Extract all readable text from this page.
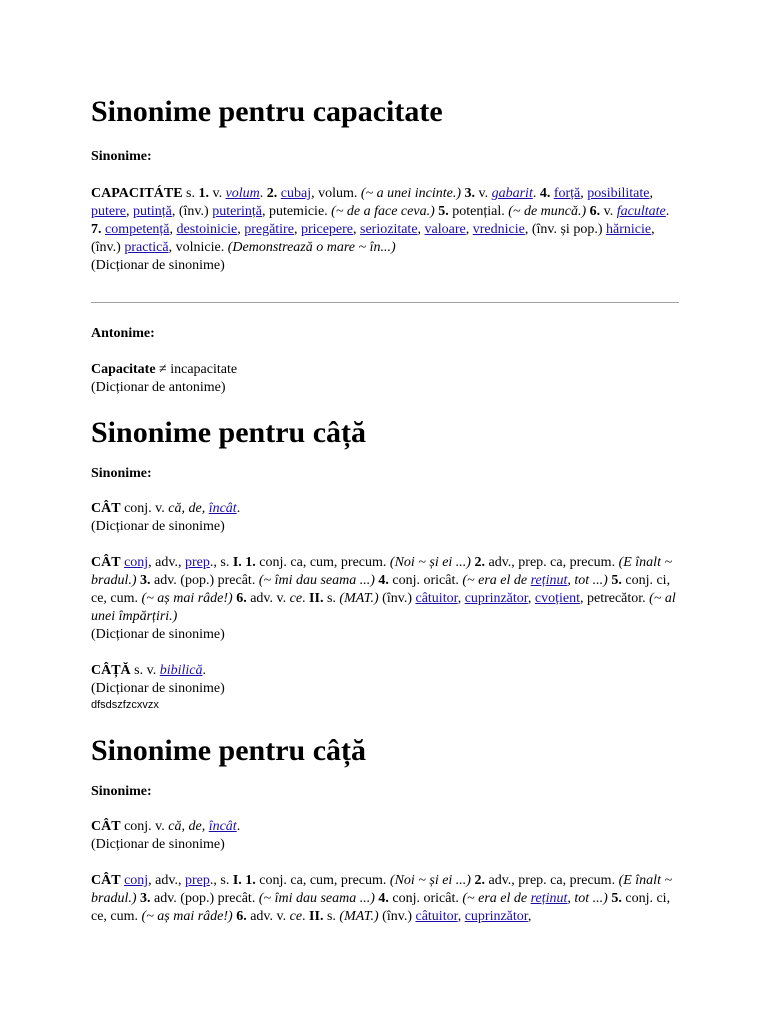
Sinonime pentru capacitate
Sinonime:
CAPACITÁTE s. 1. v. volum. 2. cubaj, volum. (~ a unei incinte.) 3. v. gabarit. 4. forță, posibilitate, putere, putință, (înv.) puterință, putemicie. (~ de a face ceva.) 5. potențial. (~ de muncă.) 6. v. facultate. 7. competență, destoinicie, pregătire, pricepere, seriozitate, valoare, vrednicie, (înv. și pop.) hărnicie, (înv.) practică, volnicie. (Demonstrează o mare ~ în...)
(Dicționar de sinonime)
Antonime:
Capacitate ≠ incapacitate
(Dicționar de antonime)
Sinonime pentru câță
Sinonime:
CÂT conj. v. că, de, încât.
(Dicționar de sinonime)
CÂT conj, adv., prep., s. I. 1. conj. ca, cum, precum. (Noi ~ și ei ...) 2. adv., prep. ca, precum. (E înalt ~ bradul.) 3. adv. (pop.) precât. (~ îmi dau seama ...) 4. conj. oricât. (~ era el de reținut, tot ...) 5. conj. ci, ce, cum. (~ aș mai râde!) 6. adv. v. ce. II. s. (MAT.) (înv.) câtuitor, cuprinzător, cvoțient, petrecător. (~ al unei împărțiri.)
(Dicționar de sinonime)
CÂȚĂ s. v. bibilică.
(Dicționar de sinonime)
dfsdszfzcxvzx
Sinonime pentru câță
Sinonime:
CÂT conj. v. că, de, încât.
(Dicționar de sinonime)
CÂT conj, adv., prep., s. I. 1. conj. ca, cum, precum. (Noi ~ și ei ...) 2. adv., prep. ca, precum. (E înalt ~ bradul.) 3. adv. (pop.) precât. (~ îmi dau seama ...) 4. conj. oricât. (~ era el de reținut, tot ...) 5. conj. ci, ce, cum. (~ aș mai râde!) 6. adv. v. ce. II. s. (MAT.) (înv.) câtuitor, cuprinzător,
